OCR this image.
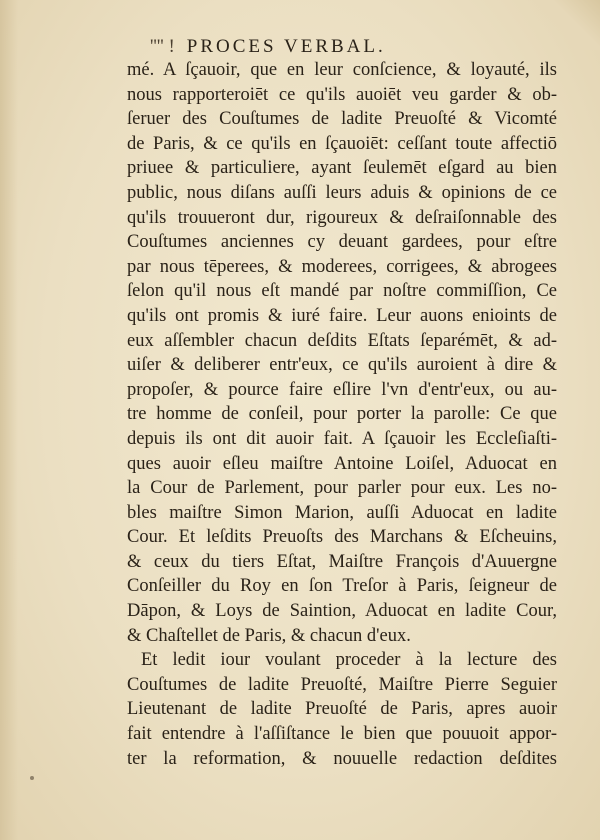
'''' ! PROCES VERBAL.
mé. A ſçauoir, que en leur conſcience, & loyauté, ils
nous rapporteroiēt ce qu'ils auoiēt veu garder & ob-
ſeruer des Couſtumes de ladite Preuoſté & Vicomté
de Paris, & ce qu'ils en ſçauoiēt: ceſſant toute affectiō
priuee & particuliere, ayant ſeulemēt eſgard au bien
public, nous diſans auſſi leurs aduis & opinions de ce
qu'ils trouueront dur, rigoureux & deſraiſonnable des
Couſtumes anciennes cy deuant gardees, pour eſtre
par nous tēperees, & moderees, corrigees, & abrogees
ſelon qu'il nous eſt mandé par noſtre commiſſion, Ce
qu'ils ont promis & iuré faire. Leur auons enioints de
eux aſſembler chacun deſdits Eſtats ſeparémēt, & ad-
uiſer & deliberer entr'eux, ce qu'ils auroient à dire &
propoſer, & pource faire eſlire l'vn d'entr'eux, ou au-
tre homme de conſeil, pour porter la parolle: Ce que
depuis ils ont dit auoir fait. A ſçauoir les Eccleſiaſti-
ques auoir eſleu maiſtre Antoine Loiſel, Aduocat en
la Cour de Parlement, pour parler pour eux. Les no-
bles maiſtre Simon Marion, auſſi Aduocat en ladite
Cour. Et leſdits Preuoſts des Marchans & Eſcheuins,
& ceux du tiers Eſtat, Maiſtre François d'Auuergne
Conſeiller du Roy en ſon Treſor à Paris, ſeigneur de
Dāpon, & Loys de Saintion, Aduocat en ladite Cour,
& Chaſtellet de Paris, & chacun d'eux.
Et ledit iour voulant proceder à la lecture des
Couſtumes de ladite Preuoſté, Maiſtre Pierre Seguier
Lieutenant de ladite Preuoſté de Paris, apres auoir
fait entendre à l'aſſiſtance le bien que pouuoit appor-
ter la reformation, & nouuelle redaction deſdites
